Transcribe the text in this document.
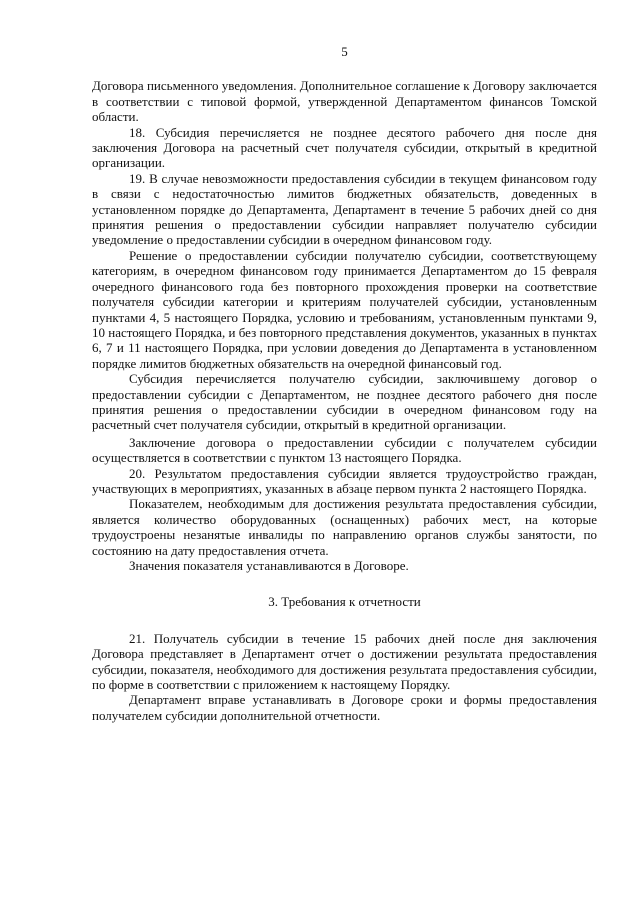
5

Договора письменного уведомления. Дополнительное соглашение к Договору заключается в соответствии с типовой формой, утвержденной Департаментом финансов Томской области.

18. Субсидия перечисляется не позднее десятого рабочего дня после дня заключения Договора на расчетный счет получателя субсидии, открытый в кредитной организации.

19. В случае невозможности предоставления субсидии в текущем финансовом году в связи с недостаточностью лимитов бюджетных обязательств, доведенных в установленном порядке до Департамента, Департамент в течение 5 рабочих дней со дня принятия решения о предоставлении субсидии направляет получателю субсидии уведомление о предоставлении субсидии в очередном финансовом году.

Решение о предоставлении субсидии получателю субсидии, соответствующему категориям, в очередном финансовом году принимается Департаментом до 15 февраля очередного финансового года без повторного прохождения проверки на соответствие получателя субсидии категории и критериям получателей субсидии, установленным пунктами 4, 5 настоящего Порядка, условию и требованиям, установленным пунктами 9, 10 настоящего Порядка, и без повторного представления документов, указанных в пунктах 6, 7 и 11 настоящего Порядка, при условии доведения до Департамента в установленном порядке лимитов бюджетных обязательств на очередной финансовый год.

Субсидия перечисляется получателю субсидии, заключившему договор о предоставлении субсидии с Департаментом, не позднее десятого рабочего дня после принятия решения о предоставлении субсидии в очередном финансовом году на расчетный счет получателя субсидии, открытый в кредитной организации.

Заключение договора о предоставлении субсидии с получателем субсидии осуществляется в соответствии с пунктом 13 настоящего Порядка.

20. Результатом предоставления субсидии является трудоустройство граждан, участвующих в мероприятиях, указанных в абзаце первом пункта 2 настоящего Порядка.

Показателем, необходимым для достижения результата предоставления субсидии, является количество оборудованных (оснащенных) рабочих мест, на которые трудоустроены незанятые инвалиды по направлению органов службы занятости, по состоянию на дату предоставления отчета.

Значения показателя устанавливаются в Договоре.

3. Требования к отчетности

21. Получатель субсидии в течение 15 рабочих дней после дня заключения Договора представляет в Департамент отчет о достижении результата предоставления субсидии, показателя, необходимого для достижения результата предоставления субсидии, по форме в соответствии с приложением к настоящему Порядку.

Департамент вправе устанавливать в Договоре сроки и формы предоставления получателем субсидии дополнительной отчетности.
